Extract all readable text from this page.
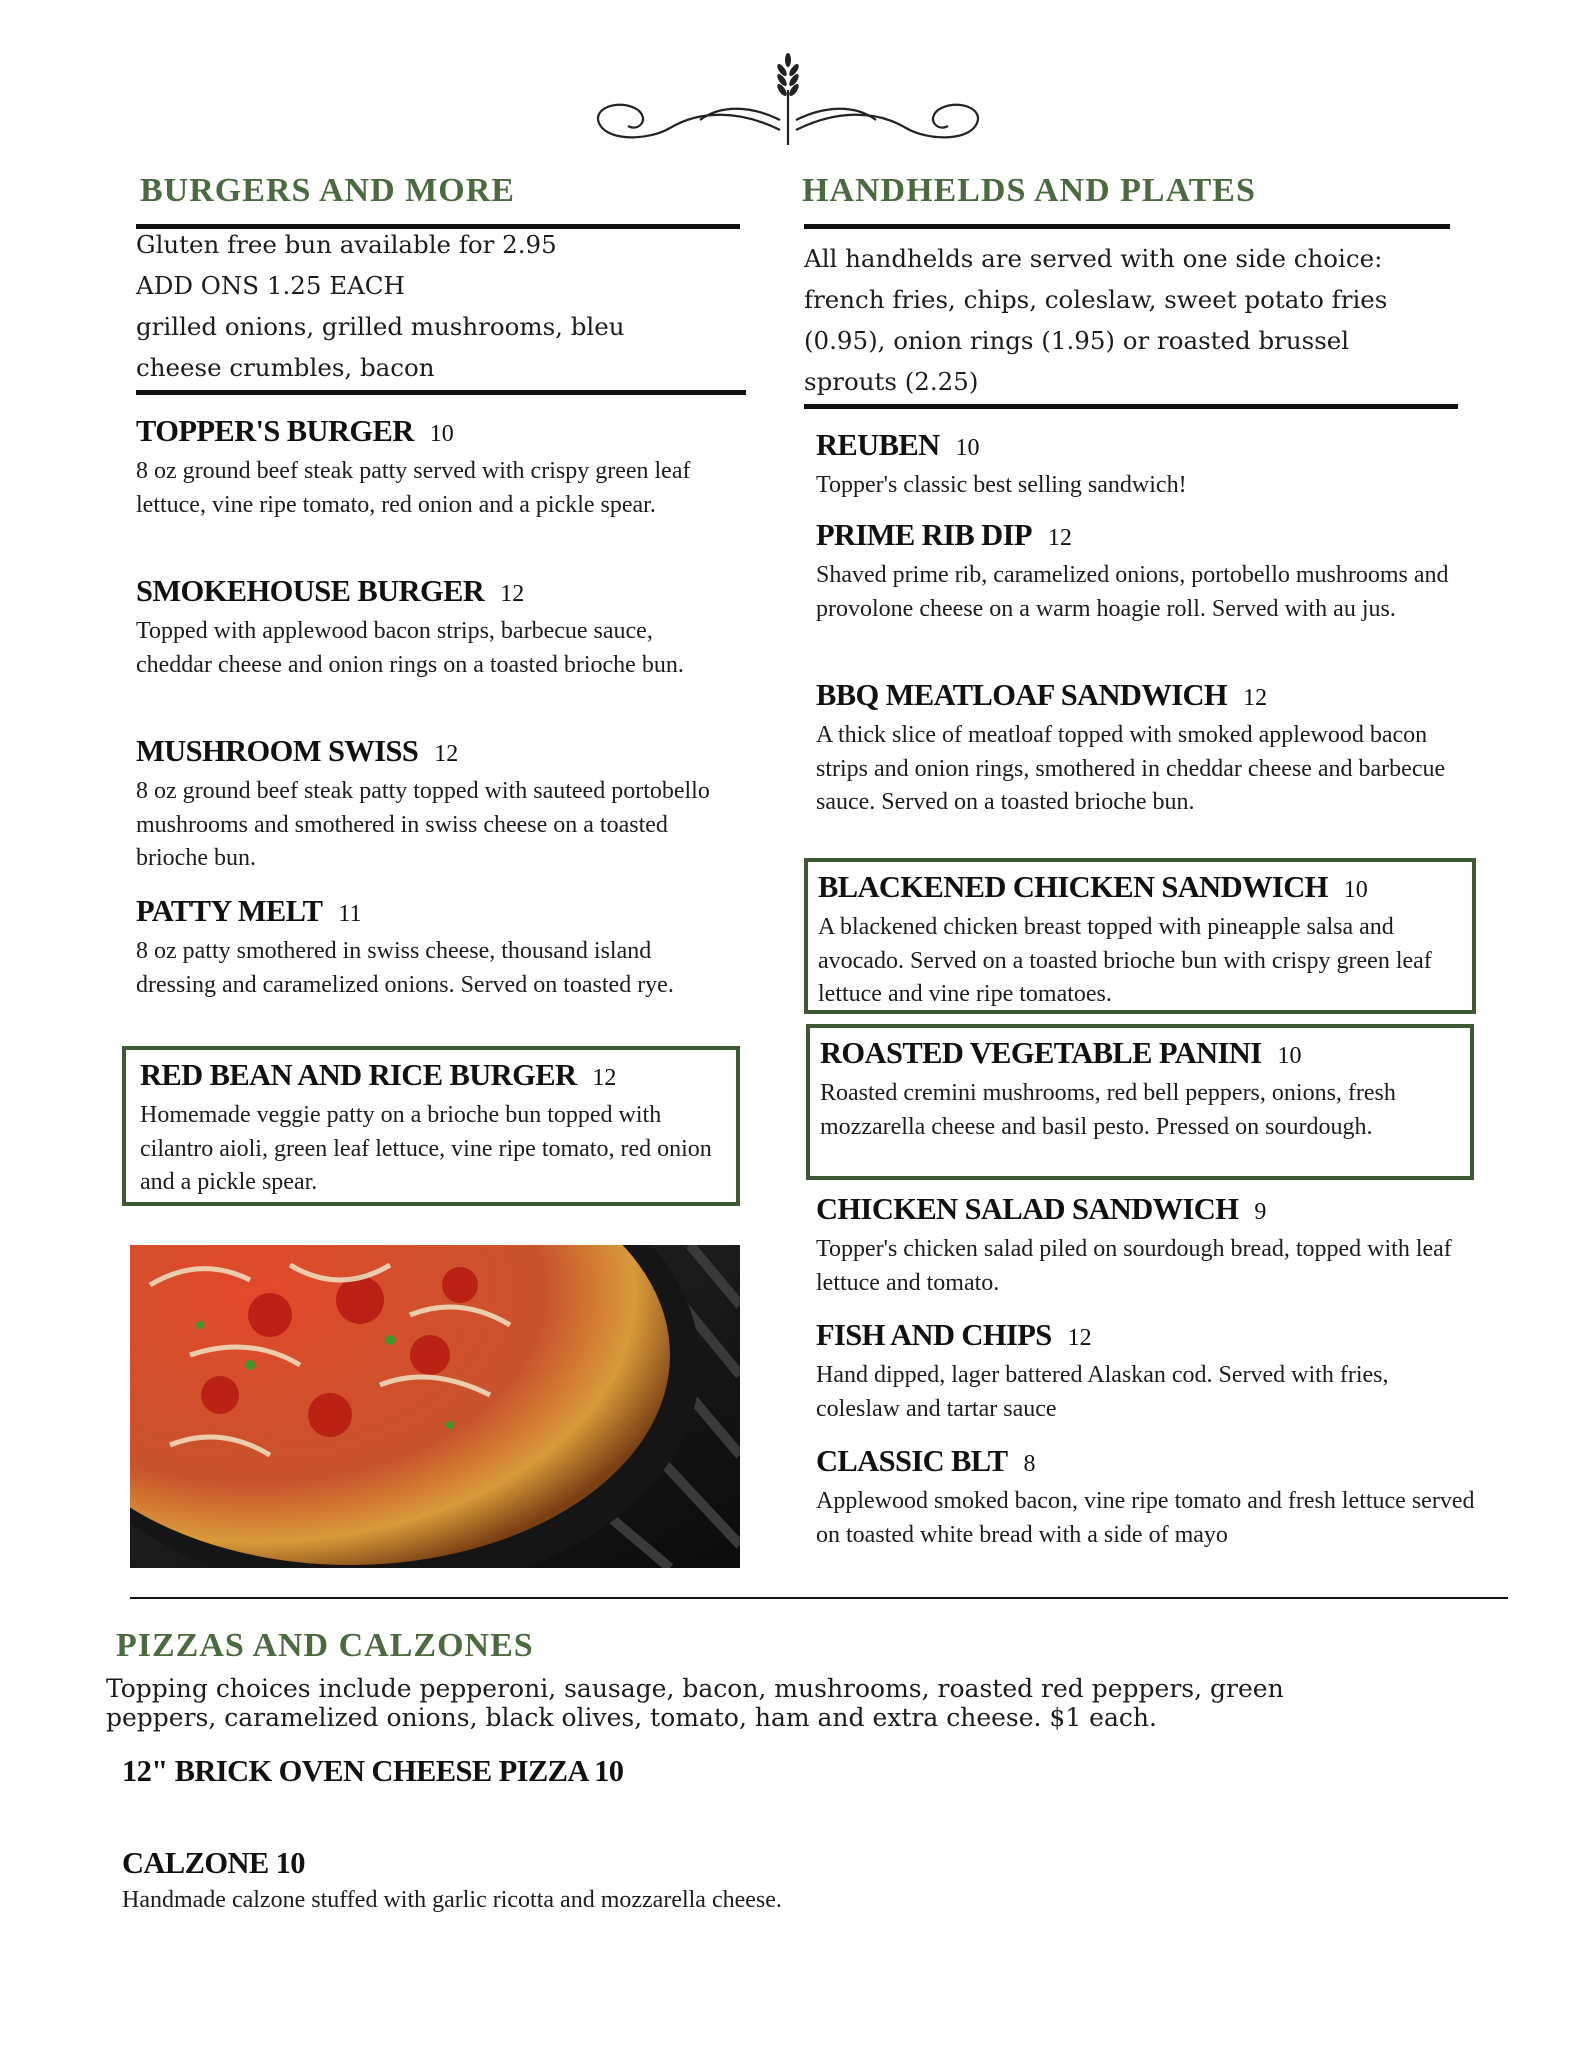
BURGERS AND MORE
Gluten free bun available for 2.95
ADD ONS 1.25 EACH
grilled onions, grilled mushrooms, bleu
cheese crumbles, bacon
TOPPER'S BURGER 10
8 oz ground beef steak patty served with crispy green leaf lettuce, vine ripe tomato, red onion and a pickle spear.
SMOKEHOUSE BURGER 12
Topped with applewood bacon strips, barbecue sauce, cheddar cheese and onion rings on a toasted brioche bun.
MUSHROOM SWISS 12
8 oz ground beef steak patty topped with sauteed portobello mushrooms and smothered in swiss cheese on a toasted brioche bun.
PATTY MELT 11
8 oz patty smothered in swiss cheese, thousand island dressing and caramelized onions. Served on toasted rye.
RED BEAN AND RICE BURGER 12
Homemade veggie patty on a brioche bun topped with cilantro aioli, green leaf lettuce, vine ripe tomato, red onion and a pickle spear.
HANDHELDS AND PLATES
All handhelds are served with one side choice:
french fries, chips, coleslaw, sweet potato fries
(0.95), onion rings (1.95) or roasted brussel
sprouts (2.25)
REUBEN 10
Topper's classic best selling sandwich!
PRIME RIB DIP 12
Shaved prime rib, caramelized onions, portobello mushrooms and provolone cheese on a warm hoagie roll. Served with au jus.
BBQ MEATLOAF SANDWICH 12
A thick slice of meatloaf topped with smoked applewood bacon strips and onion rings, smothered in cheddar cheese and barbecue sauce. Served on a toasted brioche bun.
BLACKENED CHICKEN SANDWICH 10
A blackened chicken breast topped with pineapple salsa and avocado. Served on a toasted brioche bun with crispy green leaf lettuce and vine ripe tomatoes.
ROASTED VEGETABLE PANINI 10
Roasted cremini mushrooms, red bell peppers, onions, fresh mozzarella cheese and basil pesto. Pressed on sourdough.
CHICKEN SALAD SANDWICH 9
Topper's chicken salad piled on sourdough bread, topped with leaf lettuce and tomato.
FISH AND CHIPS 12
Hand dipped, lager battered Alaskan cod. Served with fries, coleslaw and tartar sauce
CLASSIC BLT 8
Applewood smoked bacon, vine ripe tomato and fresh lettuce served on toasted white bread with a side of mayo
PIZZAS AND CALZONES
Topping choices include pepperoni, sausage, bacon, mushrooms, roasted red peppers, green
peppers, caramelized onions, black olives, tomato, ham and extra cheese. $1 each.
12" BRICK OVEN CHEESE PIZZA 10
CALZONE 10
Handmade calzone stuffed with garlic ricotta and mozzarella cheese.
